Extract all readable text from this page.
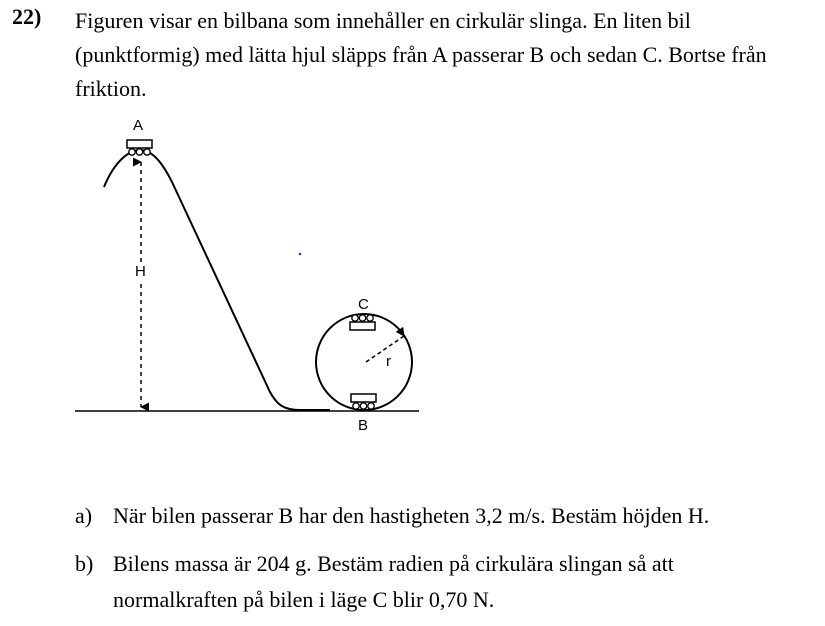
22) Figuren visar en bilbana som innehåller en cirkulär slinga. En liten bil (punktformig) med lätta hjul släpps från A passerar B och sedan C. Bortse från friktion.

A
H
C
r
B
a) När bilen passerar B har den hastigheten 3,2 m/s. Bestäm höjden H.
b) Bilens massa är 204 g. Bestäm radien på cirkulära slingan så att normalkraften på bilen i läge C blir 0,70 N.
